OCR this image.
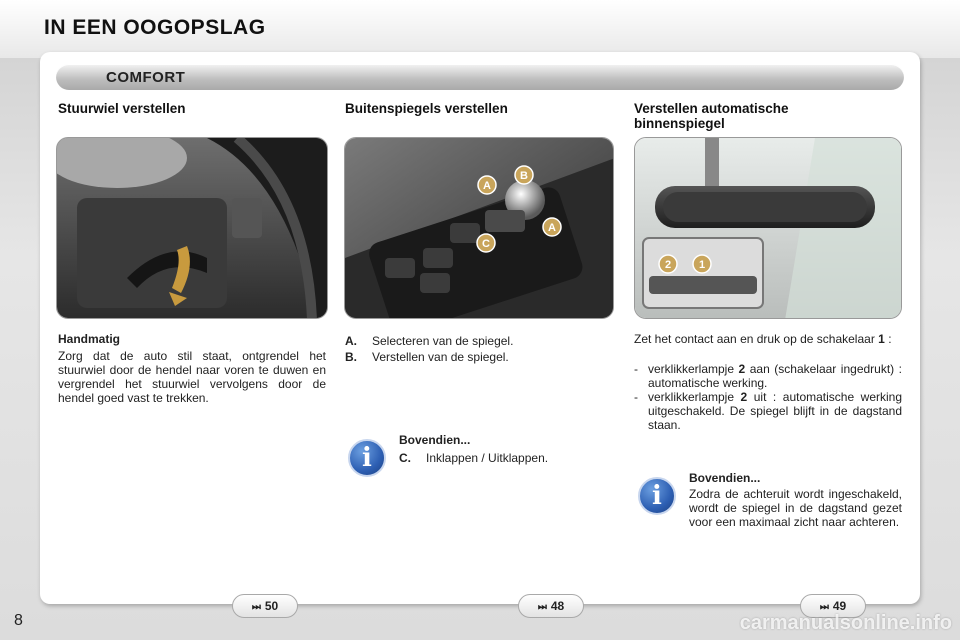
IN EEN OOGOPSLAG
COMFORT
Stuurwiel verstellen
Handmatig
Zorg dat de auto stil staat, ontgrendel het stuurwiel door de hendel naar voren te duwen en vergrendel het stuurwiel vervolgens door de hendel goed vast te trekken.
Buitenspiegels verstellen
A
B
C
A
A. Selecteren van de spiegel.
B. Verstellen van de spiegel.
i
Bovendien...
C. Inklappen / Uitklappen.
Verstellen automatische
binnenspiegel
2	1
Zet het contact aan en druk op de schakelaar 1 :
- verklikkerlampje 2 aan (schakelaar ingedrukt) : automatische werking.
- verklikkerlampje 2 uit : automatische werking uitgeschakeld. De spiegel blijft in de dagstand staan.
i
Bovendien...
Zodra de achteruit wordt ingeschakeld, wordt de spiegel in de dagstand gezet voor een maximaal zicht naar achteren.
⏭ 50	⏭ 48	⏭ 49
8	carmanualsonline.info
